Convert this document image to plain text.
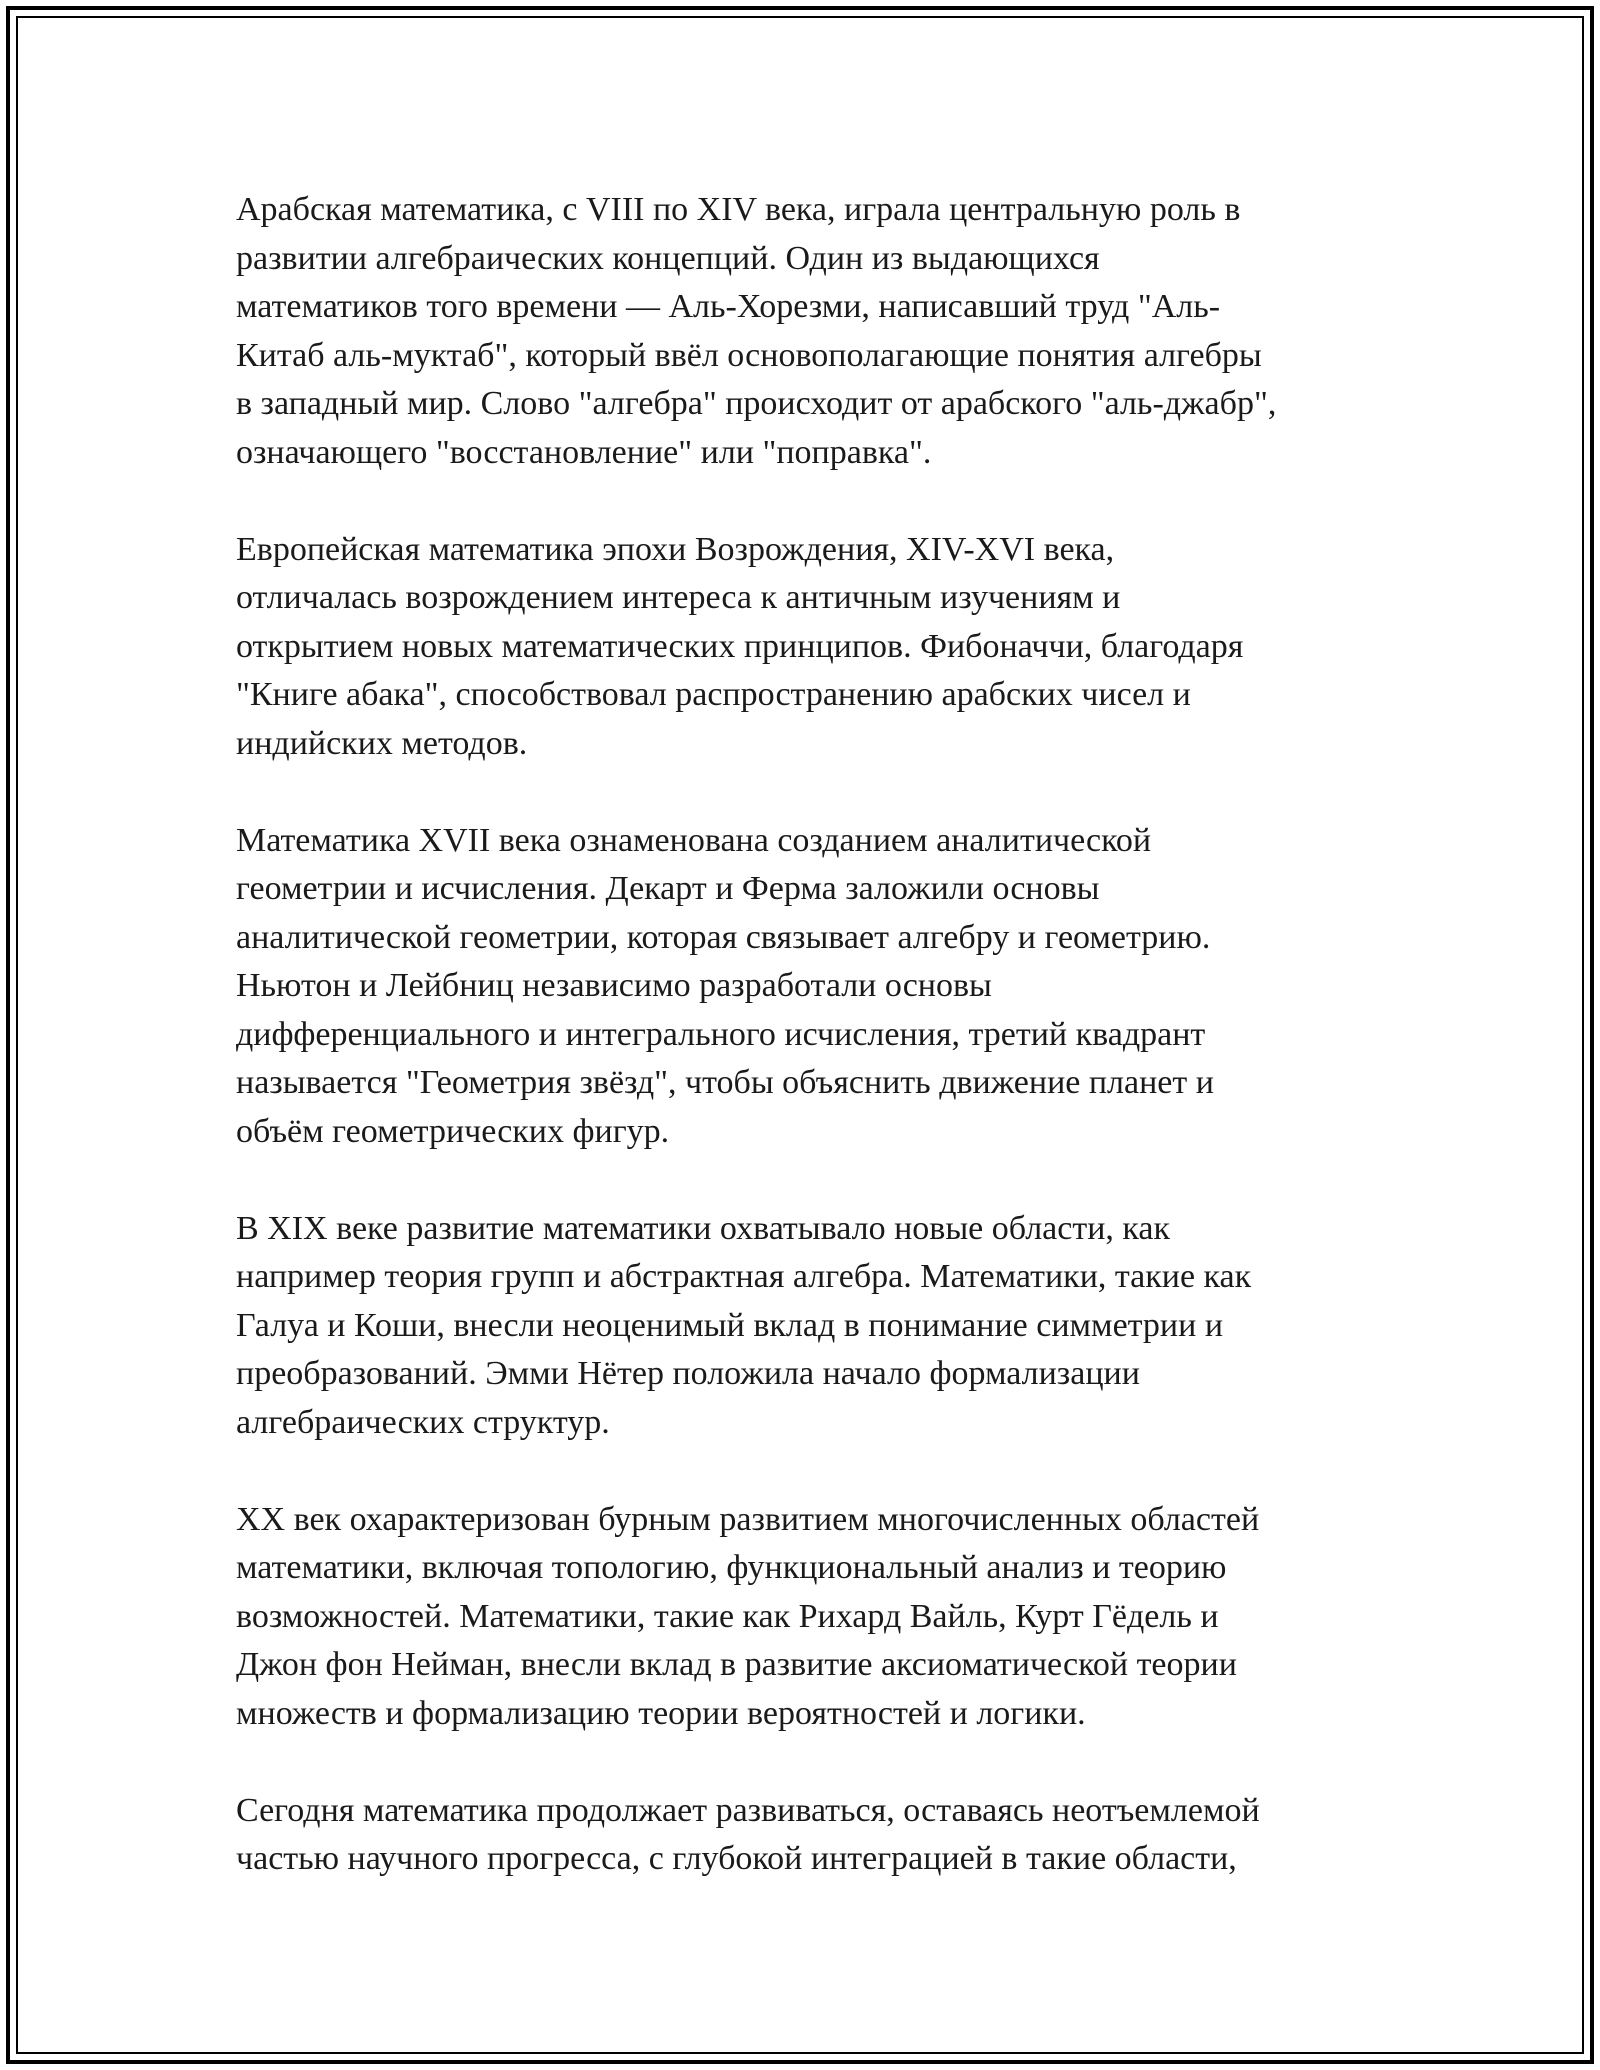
Арабская математика, с VIII по XIV века, играла центральную роль в
развитии алгебраических концепций. Один из выдающихся
математиков того времени — Аль-Хорезми, написавший труд "Аль-
Китаб аль-муктаб", который ввёл основополагающие понятия алгебры
в западный мир. Слово "алгебра" происходит от арабского "аль-джабр",
означающего "восстановление" или "поправка".

Европейская математика эпохи Возрождения, XIV-XVI века,
отличалась возрождением интереса к античным изучениям и
открытием новых математических принципов. Фибоначчи, благодаря
"Книге абака", способствовал распространению арабских чисел и
индийских методов.

Математика XVII века ознаменована созданием аналитической
геометрии и исчисления. Декарт и Ферма заложили основы
аналитической геометрии, которая связывает алгебру и геометрию.
Ньютон и Лейбниц независимо разработали основы
дифференциального и интегрального исчисления, третий квадрант
называется "Геометрия звёзд", чтобы объяснить движение планет и
объём геометрических фигур.

В XIX веке развитие математики охватывало новые области, как
например теория групп и абстрактная алгебра. Математики, такие как
Галуа и Коши, внесли неоценимый вклад в понимание симметрии и
преобразований. Эмми Нётер положила начало формализации
алгебраических структур.

XX век охарактеризован бурным развитием многочисленных областей
математики, включая топологию, функциональный анализ и теорию
возможностей. Математики, такие как Рихард Вайль, Курт Гёдель и
Джон фон Нейман, внесли вклад в развитие аксиоматической теории
множеств и формализацию теории вероятностей и логики.

Сегодня математика продолжает развиваться, оставаясь неотъемлемой
частью научного прогресса, с глубокой интеграцией в такие области,
